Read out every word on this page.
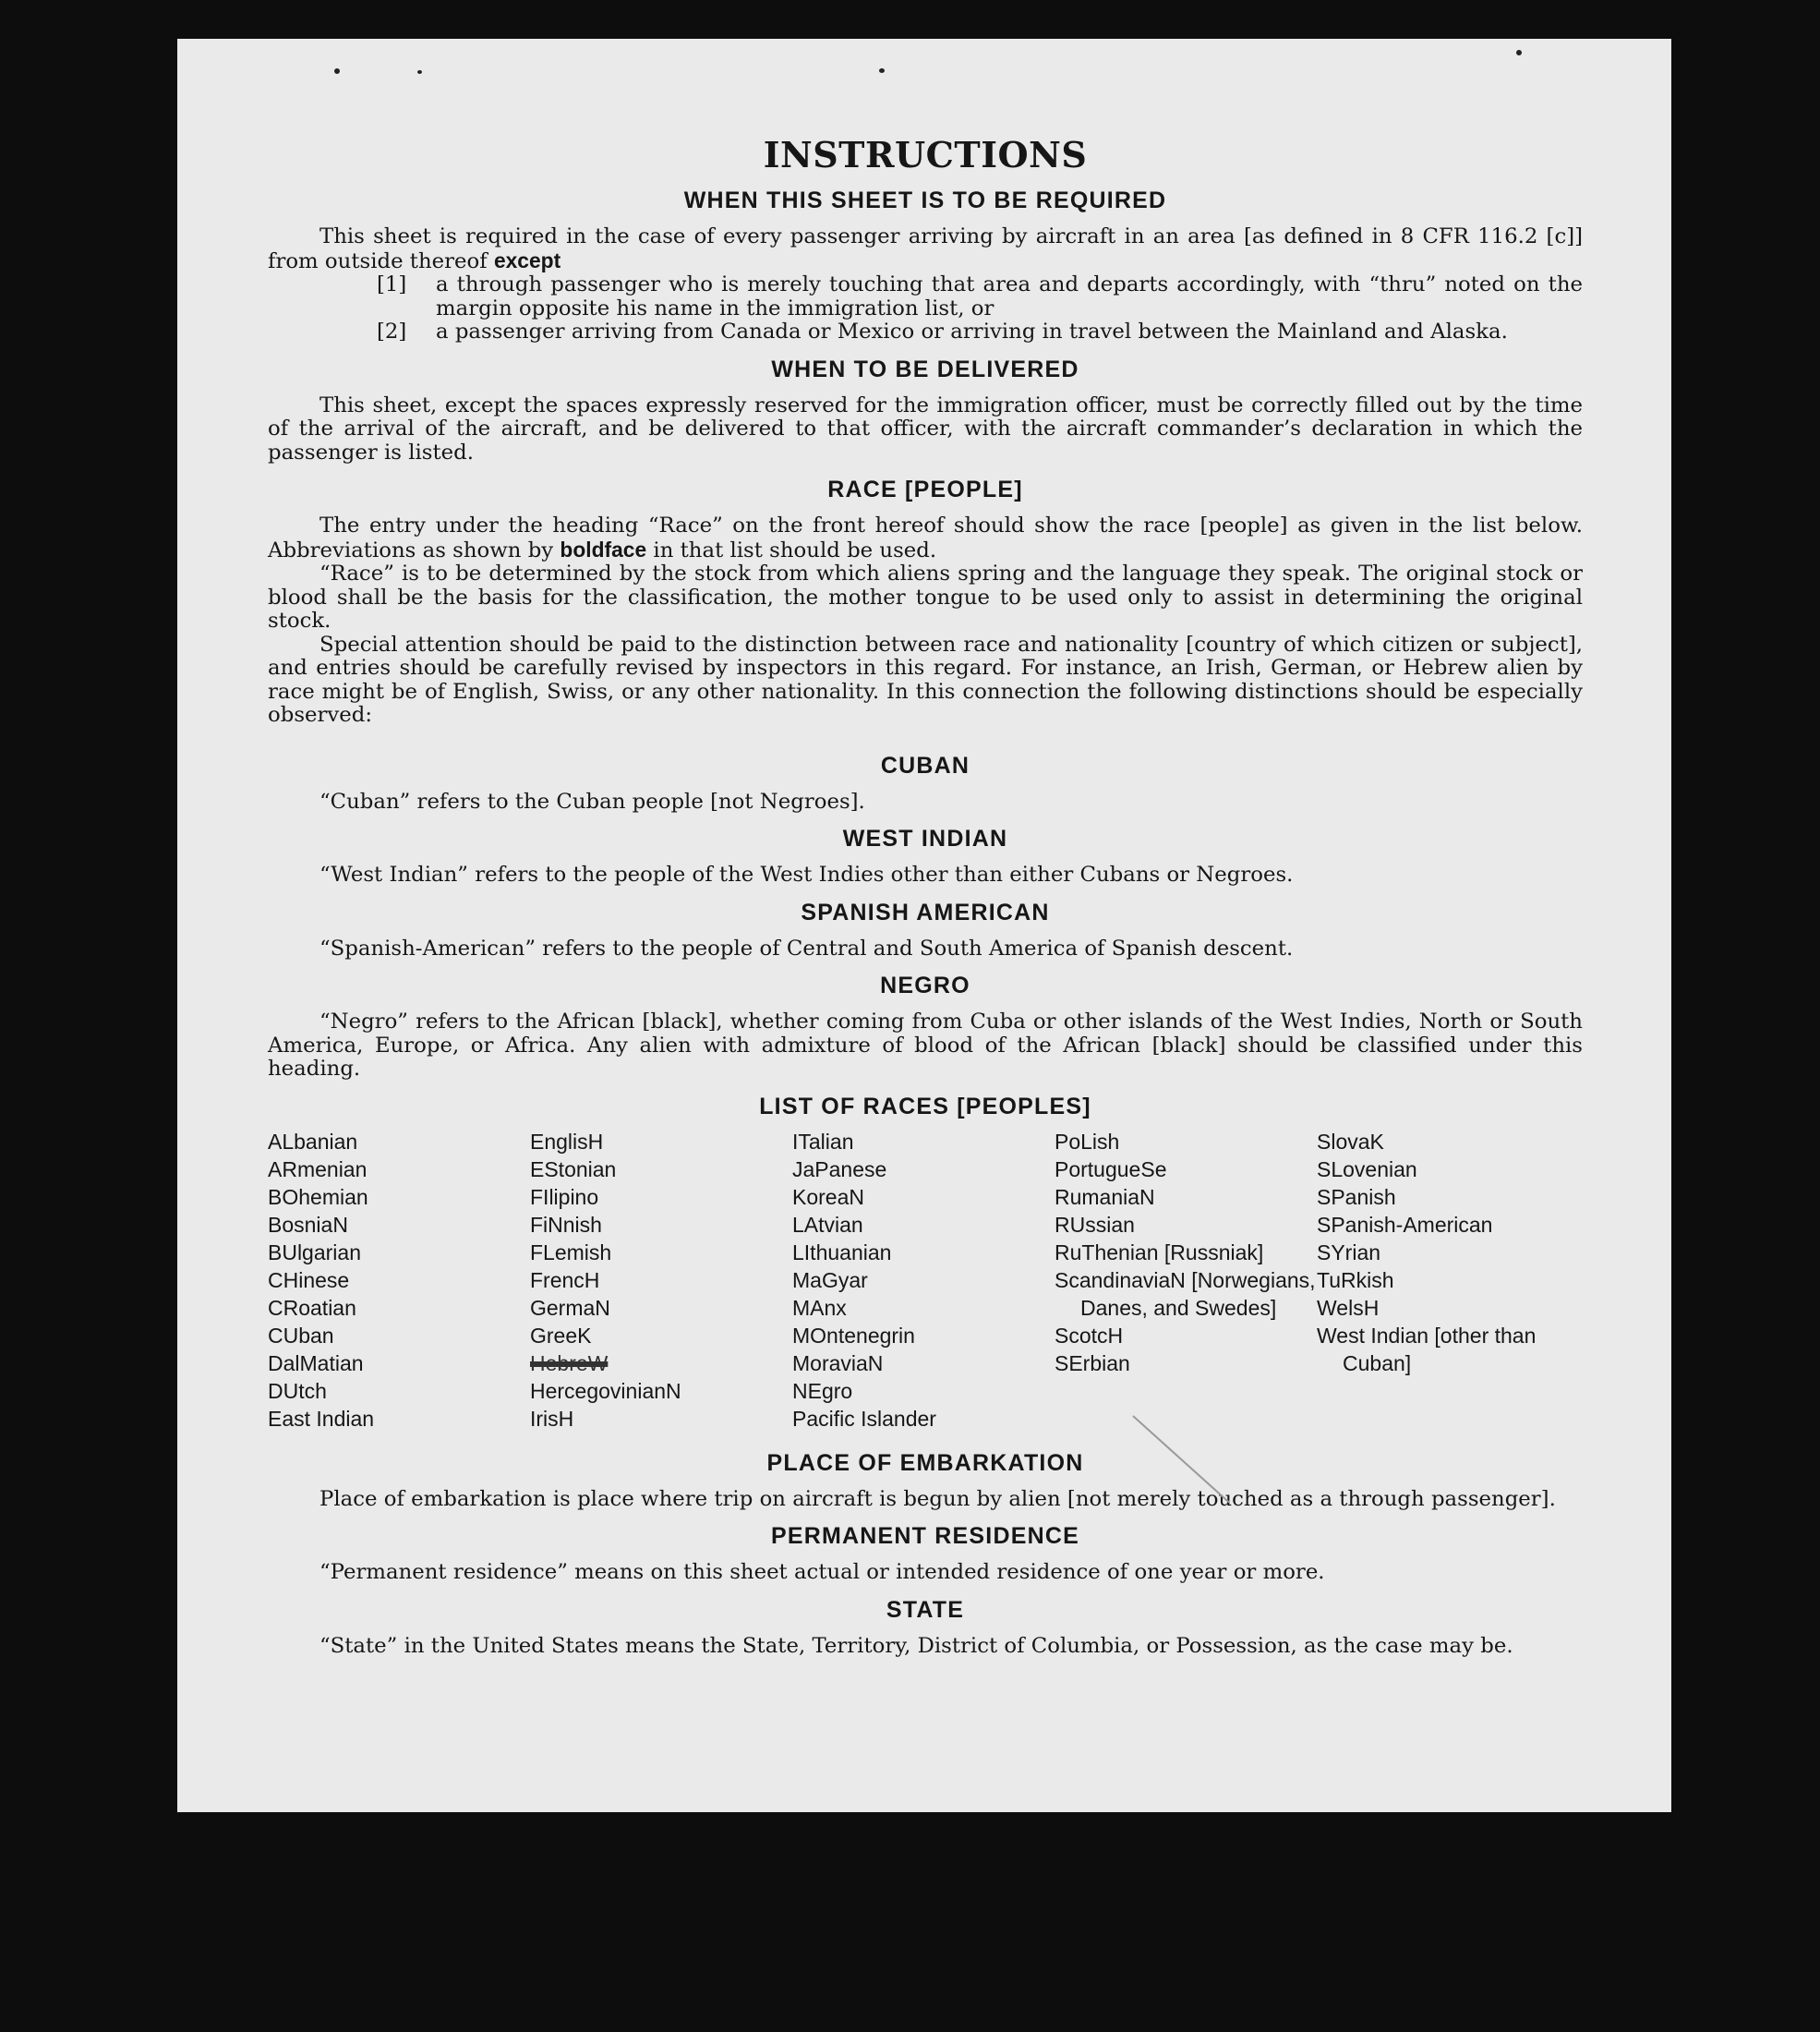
INSTRUCTIONS
WHEN THIS SHEET IS TO BE REQUIRED

This sheet is required in the case of every passenger arriving by aircraft in an area [as defined in 8 CFR 116.2 [c]] from outside thereof except

[1]	a through passenger who is merely touching that area and departs accordingly, with “thru” noted on the margin opposite his name in the immigration list, or

[2]	a passenger arriving from Canada or Mexico or arriving in travel between the Mainland and Alaska.

WHEN TO BE DELIVERED

This sheet, except the spaces expressly reserved for the immigration officer, must be correctly filled out by the time of the arrival of the aircraft, and be delivered to that officer, with the aircraft commander’s declaration in which the passenger is listed.

RACE [PEOPLE]

The entry under the heading “Race” on the front hereof should show the race [people] as given in the list below. Abbreviations as shown by boldface in that list should be used.

“Race” is to be determined by the stock from which aliens spring and the language they speak. The original stock or blood shall be the basis for the classification, the mother tongue to be used only to assist in determining the original stock.

Special attention should be paid to the distinction between race and nationality [country of which citizen or subject], and entries should be carefully revised by inspectors in this regard. For instance, an Irish, German, or Hebrew alien by race might be of English, Swiss, or any other nationality. In this connection the following distinctions should be especially observed:

CUBAN

“Cuban” refers to the Cuban people [not Negroes].

WEST INDIAN

“West Indian” refers to the people of the West Indies other than either Cubans or Negroes.

SPANISH AMERICAN

“Spanish-American” refers to the people of Central and South America of Spanish descent.

NEGRO

“Negro” refers to the African [black], whether coming from Cuba or other islands of the West Indies, North or South America, Europe, or Africa. Any alien with admixture of blood of the African [black] should be classified under this heading.

LIST OF RACES [PEOPLES]
ALbanian
ARmenian
BOhemian
BosniaN
BUlgarian
CHinese
CRoatian
CUban
DalMatian
DUtch
East Indian
EnglisH
EStonian
FIlipino
FiNnish
FLemish
FrencH
GermaN
GreeK
HebreW
HercegovinianN
IrisH
ITalian
JaPanese
KoreaN
LAtvian
LIthuanian
MaGyar
MAnx
MOntenegrin
MoraviaN
NEgro
Pacific Islander
PoLish
PortugueSe
RumaniaN
RUssian
RuThenian [Russniak]
ScandinaviaN [Norwegians, Danes, and Swedes]
ScotcH
SErbian
SlovaK
SLovenian
SPanish
SPanish-American
SYrian
TuRkish
WelsH
West Indian [other than Cuban]
PLACE OF EMBARKATION

Place of embarkation is place where trip on aircraft is begun by alien [not merely touched as a through passenger].

PERMANENT RESIDENCE

“Permanent residence” means on this sheet actual or intended residence of one year or more.

STATE

“State” in the United States means the State, Territory, District of Columbia, or Possession, as the case may be.
